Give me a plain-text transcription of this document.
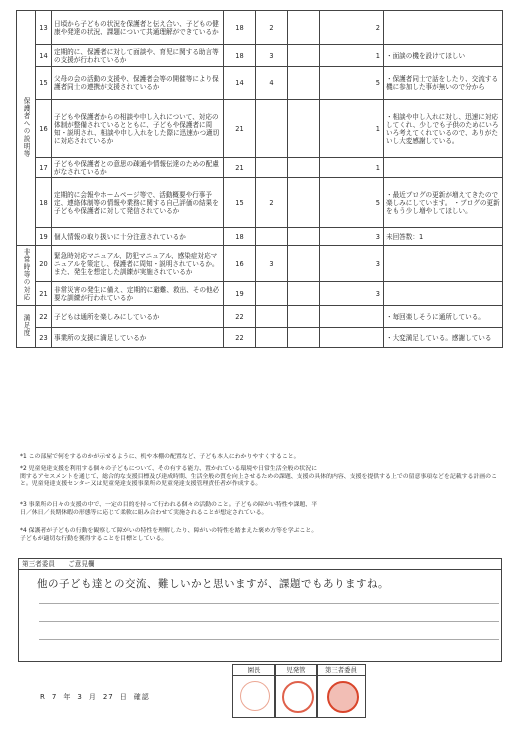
保護者への説明等	13	日頃から子どもの状況を保護者と伝え合い、子どもの健康や発達の状況、課題について共通理解ができているか	18	2		2	
	14	定期的に、保護者に対して面談や、育児に関する助言等の支援が行われているか	18	3		1	・面談の機を設けてほしい
	15	父母の会の活動の支援や、保護者会等の開催等により保護者同士の連携が支援されているか	14	4		5	・保護者同士で話をしたり、交流する機に参加した事が無いので分から
	16	子どもや保護者からの相談や申し入れについて、対応の体制が整備されているとともに、子どもや保護者に周知・説明され、相談や申し入れをした際に迅速かつ適切に対応されているか	21			1	・相談や申し入れに対し、迅速に対応してくれ、少しでも子供のためにいろいろ考えてくれているので、ありがたいし大変感謝している。
	17	子どもや保護者との意思の疎通や情報伝達のための配慮がなされているか	21			1	
	18	定期的に会報やホームページ等で、活動概要や行事予定、連絡体制等の情報や業務に関する自己評価の結果を子どもや保護者に対して発信されているか	15	2		5	・最近ブログの更新が増えてきたので楽しみにしています。 ・ブログの更新をもう少し増やしてほしい。
	19	個人情報の取り扱いに十分注意されているか	18			3	未回答数：1
非常時等の対応	20	緊急時対応マニュアル、防犯マニュアル、感染症対応マニュアルを策定し、保護者に周知・説明されているか。また、発生を想定した訓練が実施されているか	16	3		3	
	21	非常災害の発生に備え、定期的に避難、救出、その他必要な訓練が行われているか	19			3	
満足度	22	子どもは通所を楽しみにしているか	22				・毎回楽しそうに通所している。
	23	事業所の支援に満足しているか	22				・大変満足している。感謝している
*1 この部屋で何をするのかが示せるように、机や本棚の配置など、子ども本人にわかりやすくすること。
*2 児童発達支援を利用する個々の子どもについて、その有する能力、置かれている環境や日常生活全般の状況に
関するアセスメントを通じて、総合的な支援目標及び達成時期、生活全般の質を向上させるための課題、支援の具体的内容、支援を提供する上での留意事項などを記載する計画のこと。児童発達支援センター又は児童発達支援事業所の児童発達支援管理責任者が作成する。
*3 事業所の日々の支援の中で、一定の目的を持って行われる個々の活動のこと。子どもの障がい特性や課題、平
日／休日／長期休暇の形態等に応じて柔軟に組み合わせて実施されることが想定されている。
*4 保護者が子どもの行動を観察して障がいの特性を理解したり、障がいの特性を踏まえた褒め方等を学ぶこと。
子どもが適切な行動を獲得することを目標としている。
第三者委員　　ご意見欄
他の子ども達との交流、難しいかと思いますが、課題でもありますね。
R 7 年 3 月 27 日 確認
園長	児発管	第三者委員
